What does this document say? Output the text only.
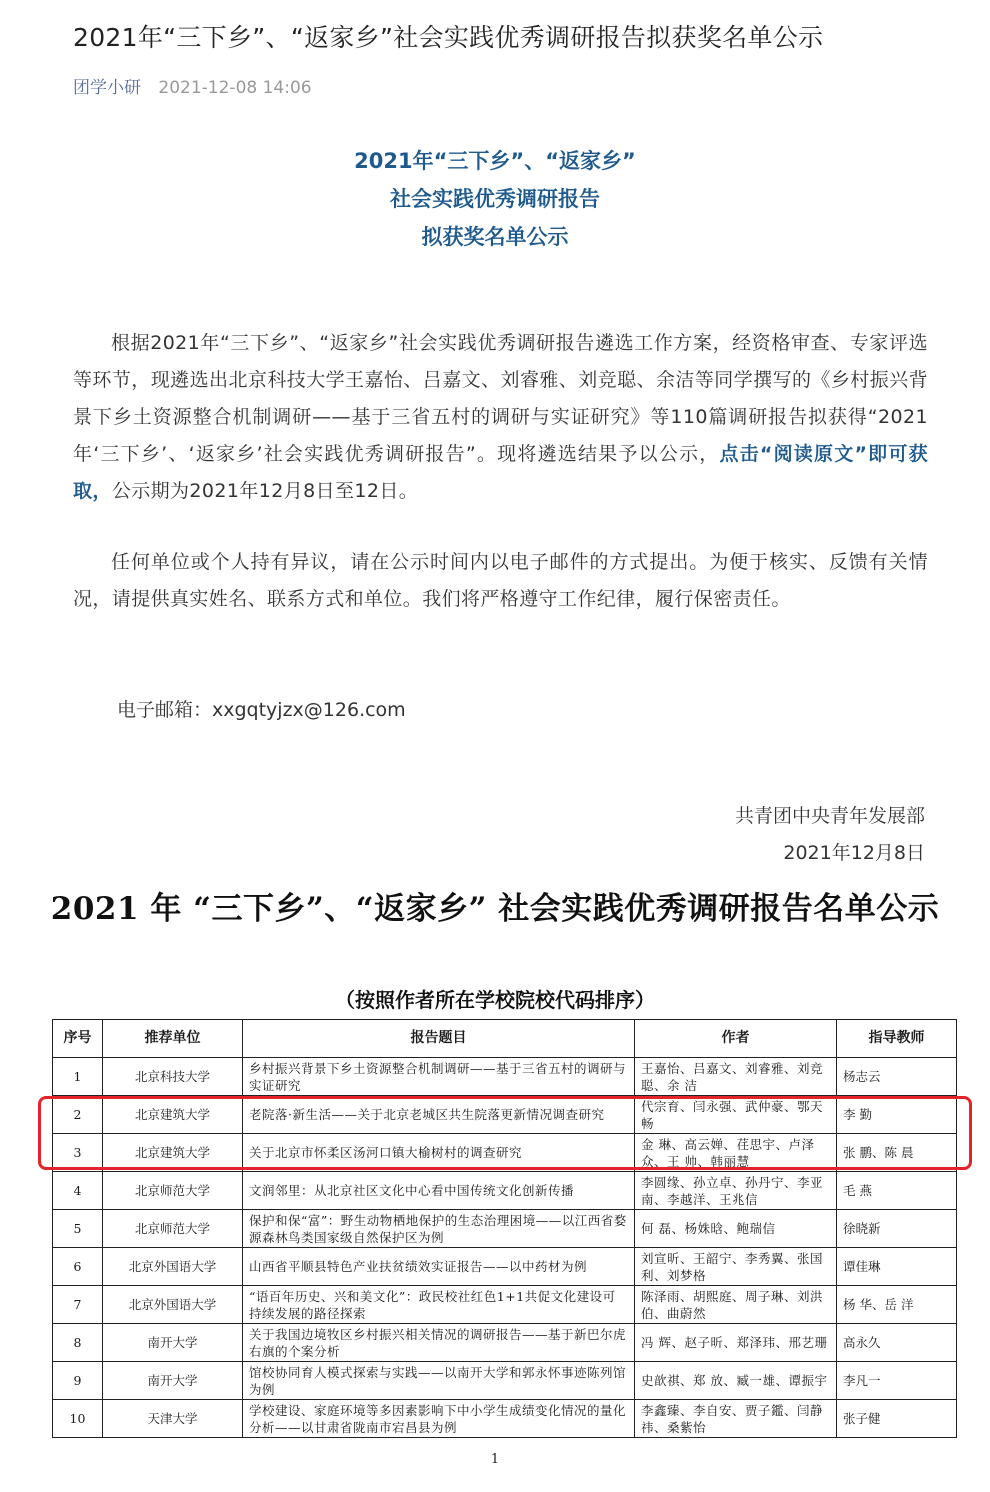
2021年“三下乡”、“返家乡”社会实践优秀调研报告拟获奖名单公示
团学小研 2021-12-08 14:06
2021年“三下乡”、“返家乡”
社会实践优秀调研报告
拟获奖名单公示

根据2021年“三下乡”、“返家乡”社会实践优秀调研报告遴选工作方案，经资格审查、专家评选等环节，现遴选出北京科技大学王嘉怡、吕嘉文、刘睿雅、刘竞聪、余洁等同学撰写的《乡村振兴背景下乡土资源整合机制调研——基于三省五村的调研与实证研究》等110篇调研报告拟获得“2021年‘三下乡’、‘返家乡’社会实践优秀调研报告”。现将遴选结果予以公示，点击“阅读原文”即可获取，公示期为2021年12月8日至12日。

任何单位或个人持有异议，请在公示时间内以电子邮件的方式提出。为便于核实、反馈有关情况，请提供真实姓名、联系方式和单位。我们将严格遵守工作纪律，履行保密责任。

电子邮箱：xxgqtyjzx@126.com
共青团中央青年发展部
2021年12月8日
2021 年 “三下乡”、“返家乡” 社会实践优秀调研报告名单公示
（按照作者所在学校院校代码排序）
序号	推荐单位	报告题目	作者	指导教师
1	北京科技大学	乡村振兴背景下乡土资源整合机制调研——基于三省五村的调研与实证研究	王嘉怡、吕嘉文、刘睿雅、刘竞聪、余 洁	杨志云
2	北京建筑大学	老院落·新生活——关于北京老城区共生院落更新情况调查研究	代宗育、闫永强、武仲豪、鄂天畅	李 勤
3	北京建筑大学	关于北京市怀柔区汤河口镇大榆树村的调查研究	金 琳、高云婵、荏思宇、卢泽众、王 帅、韩丽慧	张 鹏、陈 晨
4	北京师范大学	文润邻里：从北京社区文化中心看中国传统文化创新传播	李圆缘、孙立卓、孙丹宁、李亚南、李越洋、王兆信	毛 燕
5	北京师范大学	保护和保“富”：野生动物栖地保护的生态治理困境——以江西省婺源森林鸟类国家级自然保护区为例	何 磊、杨姝晗、鲍瑞信	徐晓新
6	北京外国语大学	山西省平顺县特色产业扶贫绩效实证报告——以中药材为例	刘宣昕、王韶宁、李秀翼、张国利、刘梦格	谭佳琳
7	北京外国语大学	“语百年历史、兴和美文化”：政民校社红色1+1共促文化建设可持续发展的路径探索	陈泽雨、胡熙庭、周子琳、刘洪伯、曲蔚然	杨 华、岳 洋
8	南开大学	关于我国边境牧区乡村振兴相关情况的调研报告——基于新巴尔虎右旗的个案分析	冯 辉、赵子昕、郑泽玮、邢艺珊	高永久
9	南开大学	馆校协同育人模式探索与实践——以南开大学和郭永怀事迹陈列馆为例	史歆祺、郑 放、臧一雄、谭振宇	李凡一
10	天津大学	学校建设、家庭环境等多因素影响下中小学生成绩变化情况的量化分析——以甘肃省陇南市宕昌县为例	李鑫臻、李自安、贾子鑑、闫静祎、桑紫怡	张子健
1
